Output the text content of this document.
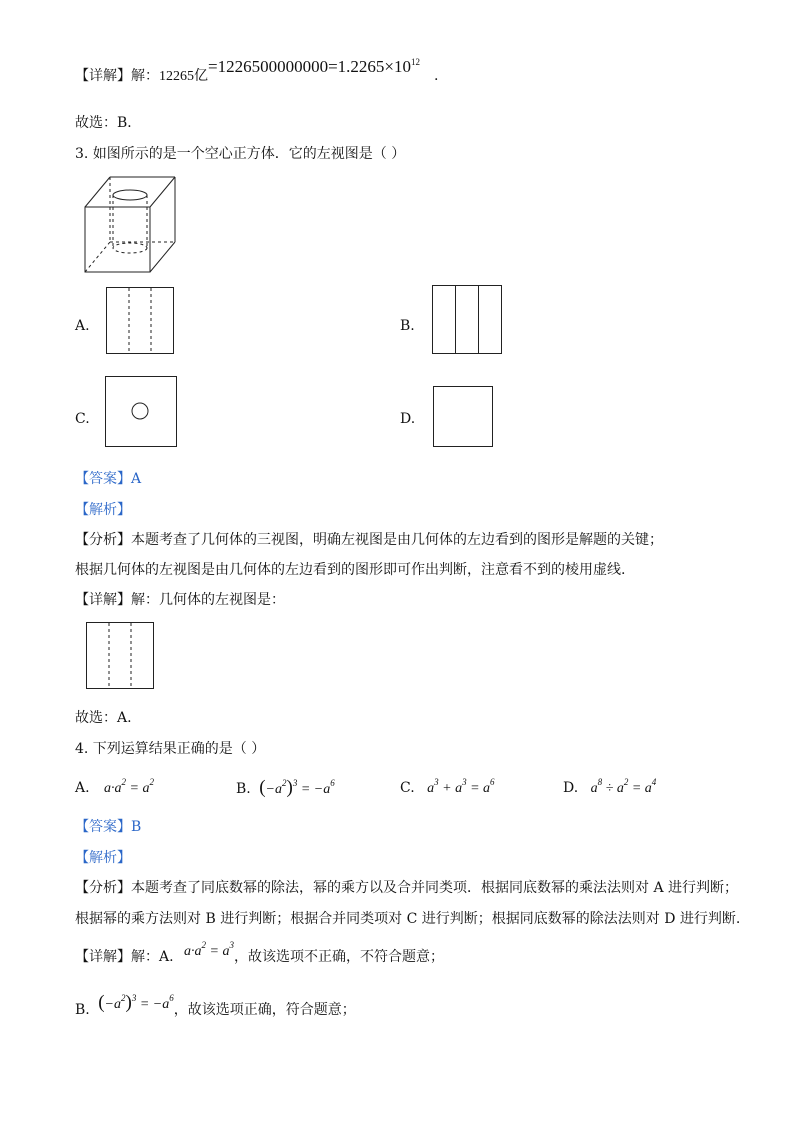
【详解】解：12265亿$=1226500000000=1.2265\times 10^{12}$.
故选：B．
3. 如图所示的是一个空心正方体．它的左视图是（ ）
A.	B.
C.	D.
【答案】A
【解析】
【分析】本题考查了几何体的三视图，明确左视图是由几何体的左边看到的图形是解题的关键；
根据几何体的左视图是由几何体的左边看到的图形即可作出判断，注意看不到的棱用虚线.
【详解】解：几何体的左视图是：
故选：A.
4. 下列运算结果正确的是（ ）
A. $a\cdot a^2 = a^2$	B. $(-a^2)^3 = -a^6$	C. $a^3 + a^3 = a^6$	D. $a^8 \div a^2 = a^4$
【答案】B
【解析】
【分析】本题考查了同底数幂的除法，幂的乘方以及合并同类项．根据同底数幂的乘法法则对 A 进行判断；
根据幂的乘方法则对 B 进行判断；根据合并同类项对 C 进行判断；根据同底数幂的除法法则对 D 进行判断.
【详解】解：A. $a\cdot a^2 = a^3$，故该选项不正确，不符合题意；
B. $(-a^2)^3 = -a^6$，故该选项正确，符合题意；
